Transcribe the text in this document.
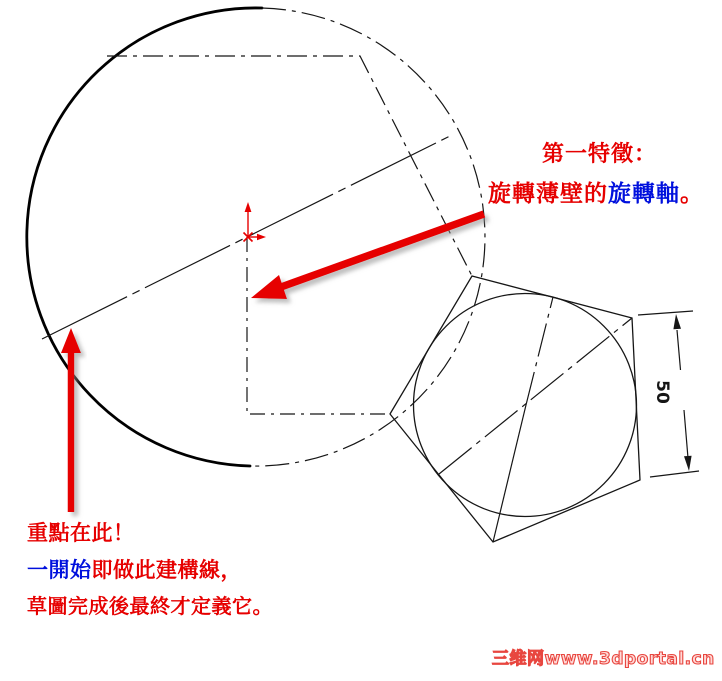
50
第一特徵：
旋轉薄壁的旋轉軸。
重點在此！
一開始即做此建構線，
草圖完成後最終才定義它。
三维网www.3dportal.cn
